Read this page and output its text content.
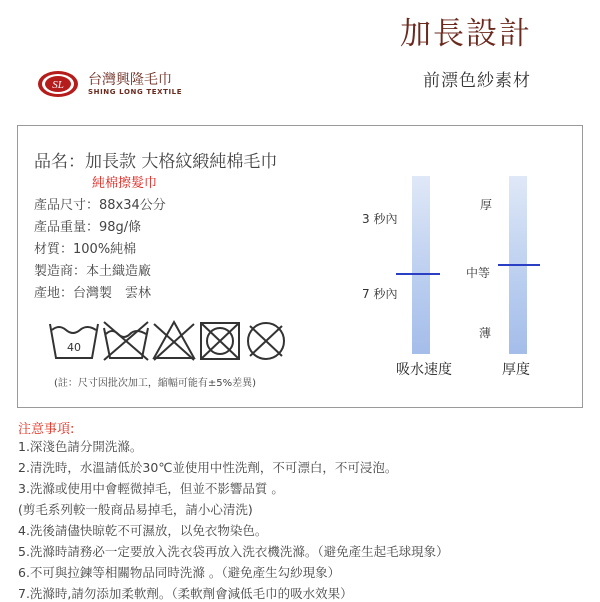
加長設計
前漂色紗素材
SL 台灣興隆毛巾
SHING LONG TEXTILE
品名：加長款 大格紋緞純棉毛巾
純棉擦髮巾
產品尺寸：88x34公分
產品重量：98g/條
材質：100%純棉
製造商：本土織造廠
產地：台灣製　雲林
40
(註：尺寸因批次加工，縮幅可能有±5%差異)
3 秒內
7 秒內
吸水速度
厚
中等
薄
厚度
注意事項:
1.深淺色請分開洗滌。
2.清洗時，水溫請低於30℃並使用中性洗劑，不可漂白，不可浸泡。
3.洗滌或使用中會輕微掉毛，但並不影響品質 。
(剪毛系列較一般商品易掉毛，請小心清洗)
4.洗後請儘快晾乾不可濕放，以免衣物染色。
5.洗滌時請務必一定要放入洗衣袋再放入洗衣機洗滌。（避免產生起毛球現象）
6.不可與拉鍊等相關物品同時洗滌 。（避免產生勾紗現象）
7.洗滌時,請勿添加柔軟劑。（柔軟劑會減低毛巾的吸水效果）
